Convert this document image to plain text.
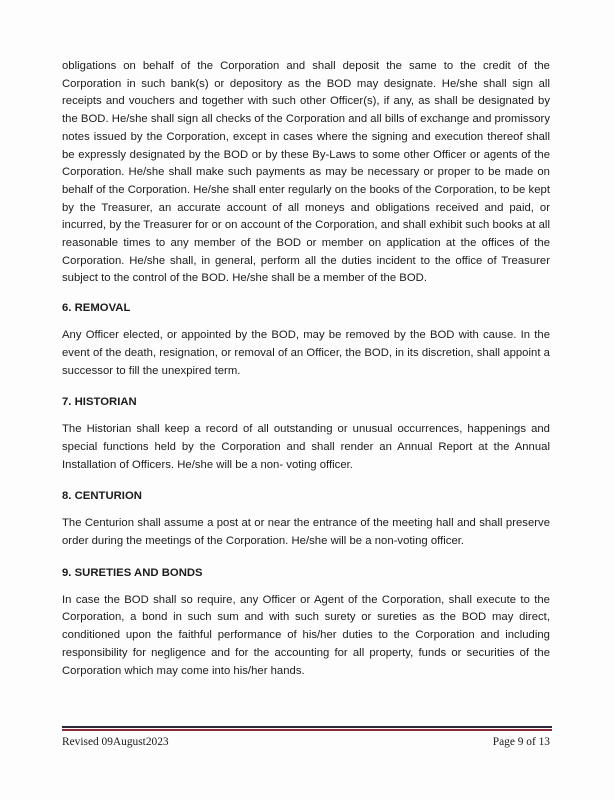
obligations on behalf of the Corporation and shall deposit the same to the credit of the Corporation in such bank(s) or depository as the BOD may designate. He/she shall sign all receipts and vouchers and together with such other Officer(s), if any, as shall be designated by the BOD. He/she shall sign all checks of the Corporation and all bills of exchange and promissory notes issued by the Corporation, except in cases where the signing and execution thereof shall be expressly designated by the BOD or by these By-Laws to some other Officer or agents of the Corporation. He/she shall make such payments as may be necessary or proper to be made on behalf of the Corporation. He/she shall enter regularly on the books of the Corporation, to be kept by the Treasurer, an accurate account of all moneys and obligations received and paid, or incurred, by the Treasurer for or on account of the Corporation, and shall exhibit such books at all reasonable times to any member of the BOD or member on application at the offices of the Corporation. He/she shall, in general, perform all the duties incident to the office of Treasurer subject to the control of the BOD. He/she shall be a member of the BOD.

6. REMOVAL

Any Officer elected, or appointed by the BOD, may be removed by the BOD with cause. In the event of the death, resignation, or removal of an Officer, the BOD, in its discretion, shall appoint a successor to fill the unexpired term.

7. HISTORIAN

The Historian shall keep a record of all outstanding or unusual occurrences, happenings and special functions held by the Corporation and shall render an Annual Report at the Annual Installation of Officers. He/she will be a non- voting officer.

8. CENTURION

The Centurion shall assume a post at or near the entrance of the meeting hall and shall preserve order during the meetings of the Corporation. He/she will be a non-voting officer.

9. SURETIES AND BONDS

In case the BOD shall so require, any Officer or Agent of the Corporation, shall execute to the Corporation, a bond in such sum and with such surety or sureties as the BOD may direct, conditioned upon the faithful performance of his/her duties to the Corporation and including responsibility for negligence and for the accounting for all property, funds or securities of the Corporation which may come into his/her hands.

Revised 09August2023	Page 9 of 13
